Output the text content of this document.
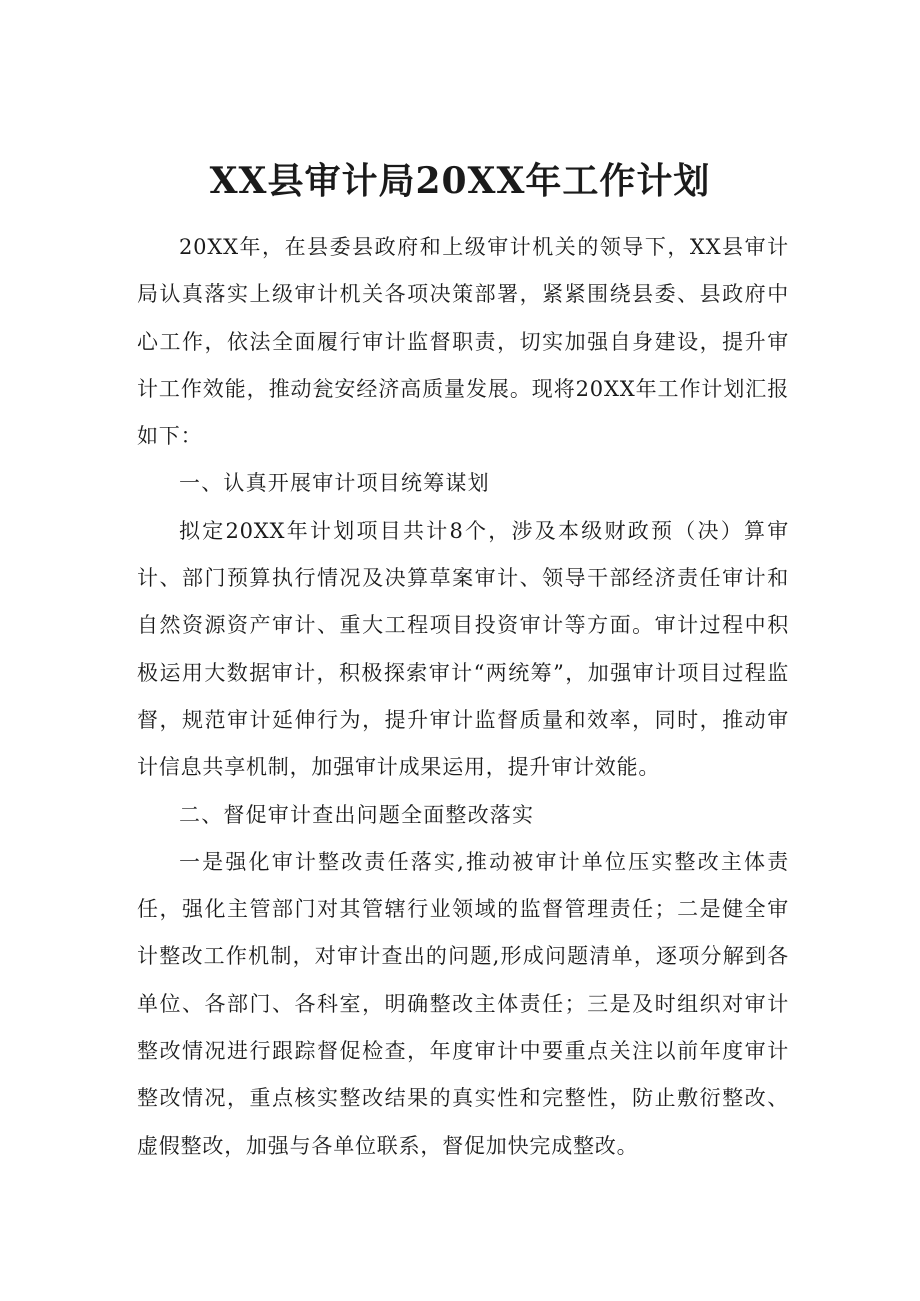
XX县审计局20XX年工作计划

20XX年，在县委县政府和上级审计机关的领导下，XX县审计局认真落实上级审计机关各项决策部署，紧紧围绕县委、县政府中心工作，依法全面履行审计监督职责，切实加强自身建设，提升审计工作效能，推动瓮安经济高质量发展。现将20XX年工作计划汇报如下：

一、认真开展审计项目统筹谋划

拟定20XX年计划项目共计8个，涉及本级财政预（决）算审计、部门预算执行情况及决算草案审计、领导干部经济责任审计和自然资源资产审计、重大工程项目投资审计等方面。审计过程中积极运用大数据审计，积极探索审计“两统筹”，加强审计项目过程监督，规范审计延伸行为，提升审计监督质量和效率，同时，推动审计信息共享机制，加强审计成果运用，提升审计效能。

二、督促审计查出问题全面整改落实

一是强化审计整改责任落实,推动被审计单位压实整改主体责任，强化主管部门对其管辖行业领域的监督管理责任；二是健全审计整改工作机制，对审计查出的问题,形成问题清单，逐项分解到各单位、各部门、各科室，明确整改主体责任；三是及时组织对审计整改情况进行跟踪督促检查，年度审计中要重点关注以前年度审计整改情况，重点核实整改结果的真实性和完整性，防止敷衍整改、虚假整改，加强与各单位联系，督促加快完成整改。
